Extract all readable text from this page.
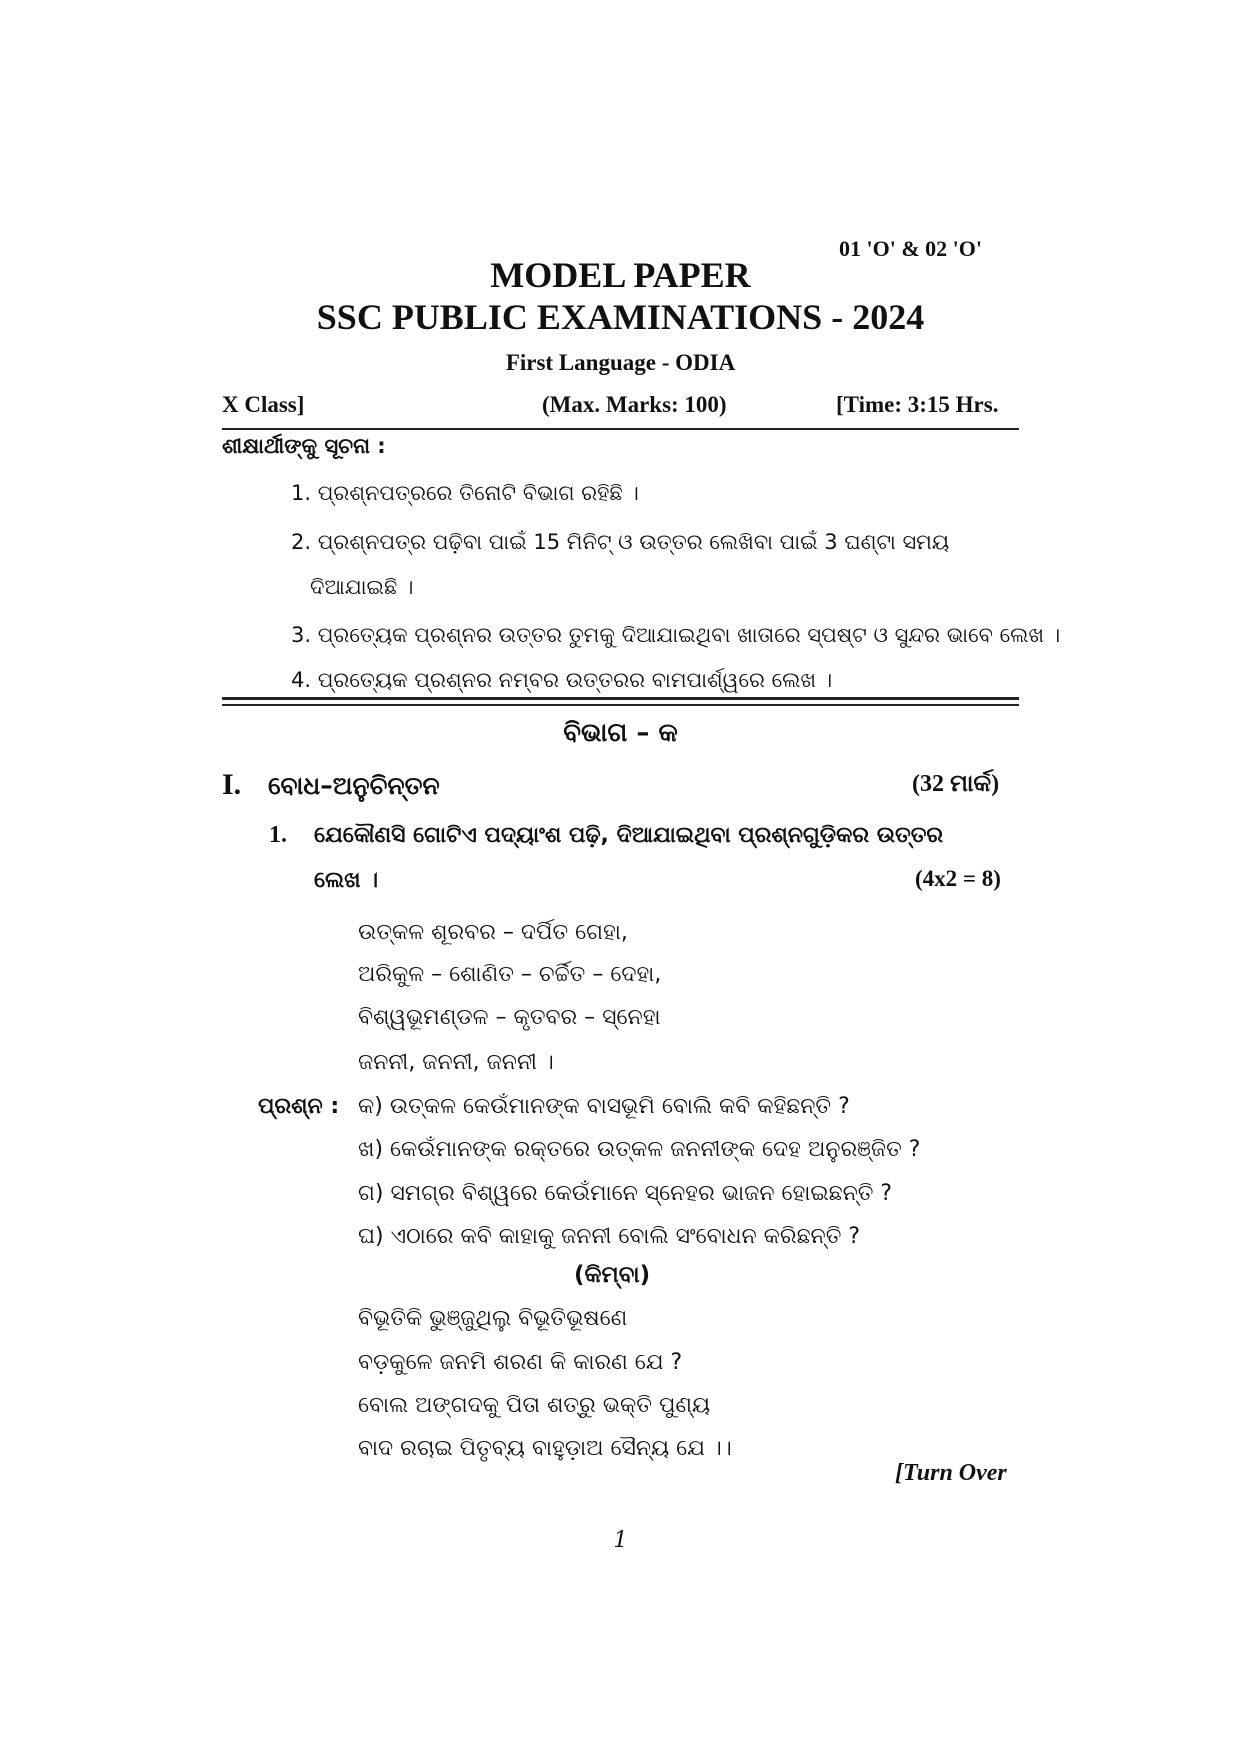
01 'O' & 02 'O'
MODEL PAPER
SSC PUBLIC EXAMINATIONS - 2024
First Language - ODIA
X Class]	(Max. Marks: 100)	[Time: 3:15 Hrs.
ଶୀକ୍ଷାର୍ଥୀଙ୍କୁ ସୂଚନା :
1. ପ୍ରଶ୍ନପତ୍ରରେ ତିନୋଟି ବିଭାଗ ରହିଛି ।
2. ପ୍ରଶ୍ନପତ୍ର ପଢ଼ିବା ପାଇଁ 15 ମିନିଟ୍ ଓ ଉତ୍ତର ଲେଖିବା ପାଇଁ 3 ଘଣ୍ଟା ସମୟ
ଦିଆଯାଇଛି ।
3. ପ୍ରତ୍ୟେକ ପ୍ରଶ୍ନର ଉତ୍ତର ତୁମକୁ ଦିଆଯାଇଥିବା ଖାତାରେ ସ୍ପଷ୍ଟ ଓ ସୁନ୍ଦର ଭାବେ ଲେଖ ।
4. ପ୍ରତ୍ୟେକ ପ୍ରଶ୍ନର ନମ୍ବର ଉତ୍ତରର ବାମପାର୍ଶ୍ୱରେ ଲେଖ ।
ବିଭାଗ – କ
I. ବୋଧ–ଅନୁଚିନ୍ତନ	(32 ମାର୍କ)
1. ଯେକୌଣସି ଗୋଟିଏ ପଦ୍ୟାଂଶ ପଢ଼ି, ଦିଆଯାଇଥିବା ପ୍ରଶ୍ନଗୁଡ଼ିକର ଉତ୍ତର
ଲେଖ ।	(4x2 = 8)
ଉତ୍କଳ ଶୂରବର – ଦର୍ପିତ ଗେହା,
ଅରିକୁଳ – ଶୋଣିତ – ଚର୍ଚ୍ଚିତ – ଦେହା,
ବିଶ୍ୱଭୂମଣ୍ଡଳ – କୃତବର – ସ୍ନେହା
ଜନନୀ, ଜନନୀ, ଜନନୀ ।
ପ୍ରଶ୍ନ : କ) ଉତ୍କଳ କେଉଁମାନଙ୍କ ବାସଭୂମି ବୋଲି କବି କହିଛନ୍ତି ?
ଖ) କେଉଁମାନଙ୍କ ରକ୍ତରେ ଉତ୍କଳ ଜନନୀଙ୍କ ଦେହ ଅନୁରଞ୍ଜିତ ?
ଗ) ସମଗ୍ର ବିଶ୍ୱରେ କେଉଁମାନେ ସ୍ନେହର ଭାଜନ ହୋଇଛନ୍ତି ?
ଘ) ଏଠାରେ କବି କାହାକୁ ଜନନୀ ବୋଲି ସଂବୋଧନ କରିଛନ୍ତି ?
(କିମ୍ବା)
ବିଭୂତିକି ଭୁଞ୍ଜୁଥିଲୁ ବିଭୂତିଭୂଷଣେ
ବଡ଼କୁଳେ ଜନମି ଶରଣ କି କାରଣ ଯେ ?
ବୋଲ ଅଙ୍ଗଦକୁ ପିତା ଶତ୍ରୁ ଭକ୍ତି ପୁଣ୍ୟ
ବାଦ ରଚାଇ ପିତୃବ୍ୟ ବାହୁଡ଼ାଅ ସୈନ୍ୟ ଯେ ।।
[Turn Over
1
